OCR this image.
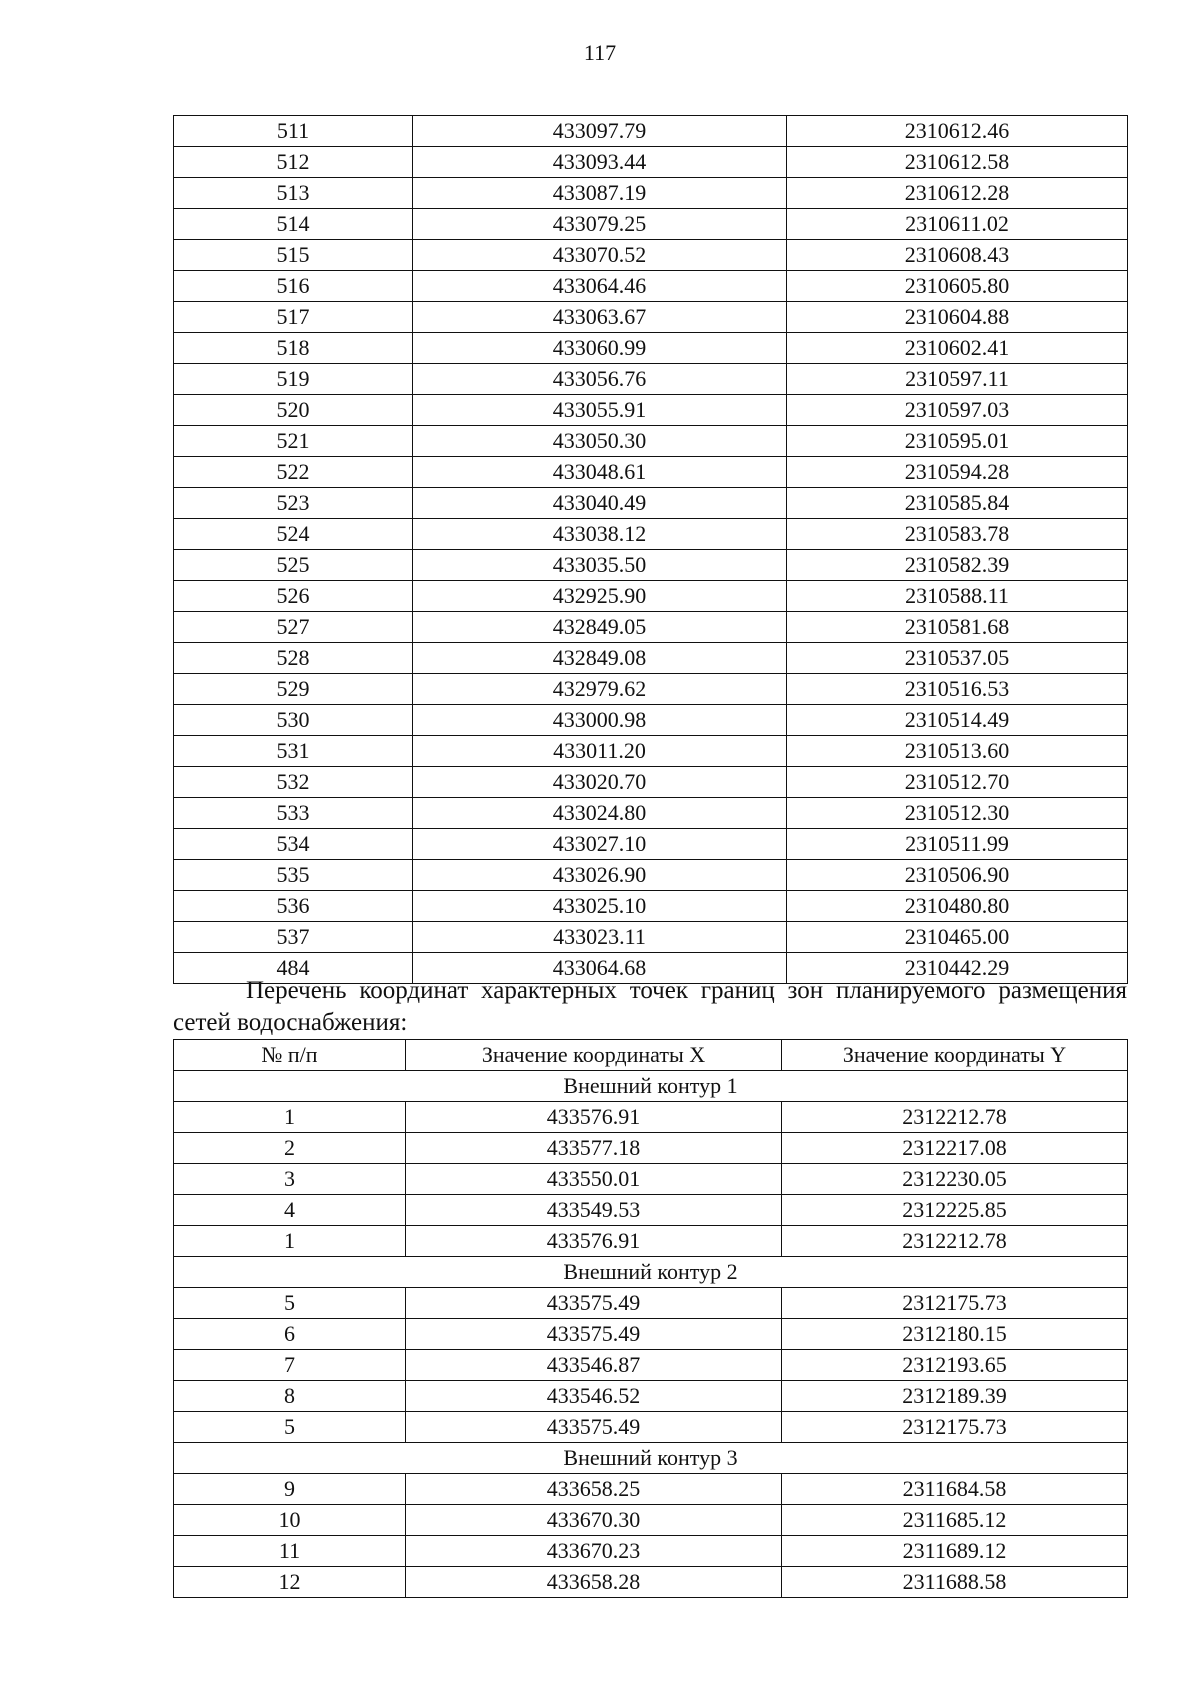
117
511	433097.79	2310612.46
512	433093.44	2310612.58
513	433087.19	2310612.28
514	433079.25	2310611.02
515	433070.52	2310608.43
516	433064.46	2310605.80
517	433063.67	2310604.88
518	433060.99	2310602.41
519	433056.76	2310597.11
520	433055.91	2310597.03
521	433050.30	2310595.01
522	433048.61	2310594.28
523	433040.49	2310585.84
524	433038.12	2310583.78
525	433035.50	2310582.39
526	432925.90	2310588.11
527	432849.05	2310581.68
528	432849.08	2310537.05
529	432979.62	2310516.53
530	433000.98	2310514.49
531	433011.20	2310513.60
532	433020.70	2310512.70
533	433024.80	2310512.30
534	433027.10	2310511.99
535	433026.90	2310506.90
536	433025.10	2310480.80
537	433023.11	2310465.00
484	433064.68	2310442.29

Перечень координат характерных точек границ зон планируемого размещения сетей водоснабжения:

№ п/п	Значение координаты X	Значение координаты Y
Внешний контур 1		
1	433576.91	2312212.78
2	433577.18	2312217.08
3	433550.01	2312230.05
4	433549.53	2312225.85
1	433576.91	2312212.78
Внешний контур 2		
5	433575.49	2312175.73
6	433575.49	2312180.15
7	433546.87	2312193.65
8	433546.52	2312189.39
5	433575.49	2312175.73
Внешний контур 3		
9	433658.25	2311684.58
10	433670.30	2311685.12
11	433670.23	2311689.12
12	433658.28	2311688.58
